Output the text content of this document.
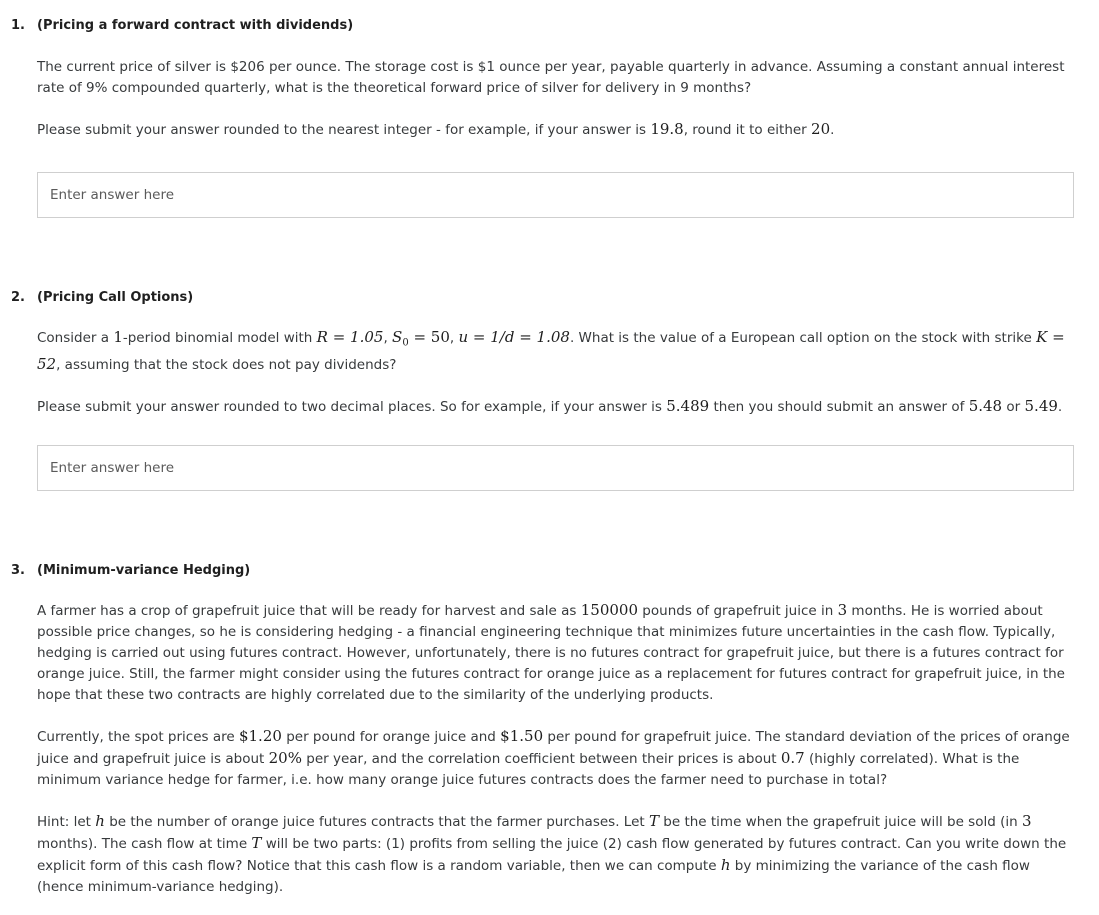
1. (Pricing a forward contract with dividends)

The current price of silver is $206 per ounce. The storage cost is $1 ounce per year, payable quarterly in advance. Assuming a constant annual interest rate of 9% compounded quarterly, what is the theoretical forward price of silver for delivery in 9 months?

Please submit your answer rounded to the nearest integer - for example, if your answer is 19.8, round it to either 20.

Enter answer here
2. (Pricing Call Options)

Consider a 1-period binomial model with R = 1.05, $S_0 = 50$, u = 1/d = 1.08. What is the value of a European call option on the stock with strike K = 52, assuming that the stock does not pay dividends?

Please submit your answer rounded to two decimal places. So for example, if your answer is 5.489 then you should submit an answer of 5.48 or 5.49.

Enter answer here
3. (Minimum-variance Hedging)

A farmer has a crop of grapefruit juice that will be ready for harvest and sale as 150000 pounds of grapefruit juice in 3 months. He is worried about possible price changes, so he is considering hedging - a financial engineering technique that minimizes future uncertainties in the cash flow. Typically, hedging is carried out using futures contract. However, unfortunately, there is no futures contract for grapefruit juice, but there is a futures contract for orange juice. Still, the farmer might consider using the futures contract for orange juice as a replacement for futures contract for grapefruit juice, in the hope that these two contracts are highly correlated due to the similarity of the underlying products.

Currently, the spot prices are $1.20 per pound for orange juice and $1.50 per pound for grapefruit juice. The standard deviation of the prices of orange juice and grapefruit juice is about 20% per year, and the correlation coefficient between their prices is about 0.7 (highly correlated). What is the minimum variance hedge for farmer, i.e. how many orange juice futures contracts does the farmer need to purchase in total?

Hint: let h be the number of orange juice futures contracts that the farmer purchases. Let T be the time when the grapefruit juice will be sold (in 3 months). The cash flow at time T will be two parts: (1) profits from selling the juice (2) cash flow generated by futures contract. Can you write down the explicit form of this cash flow? Notice that this cash flow is a random variable, then we can compute h by minimizing the variance of the cash flow (hence minimum-variance hedging).
